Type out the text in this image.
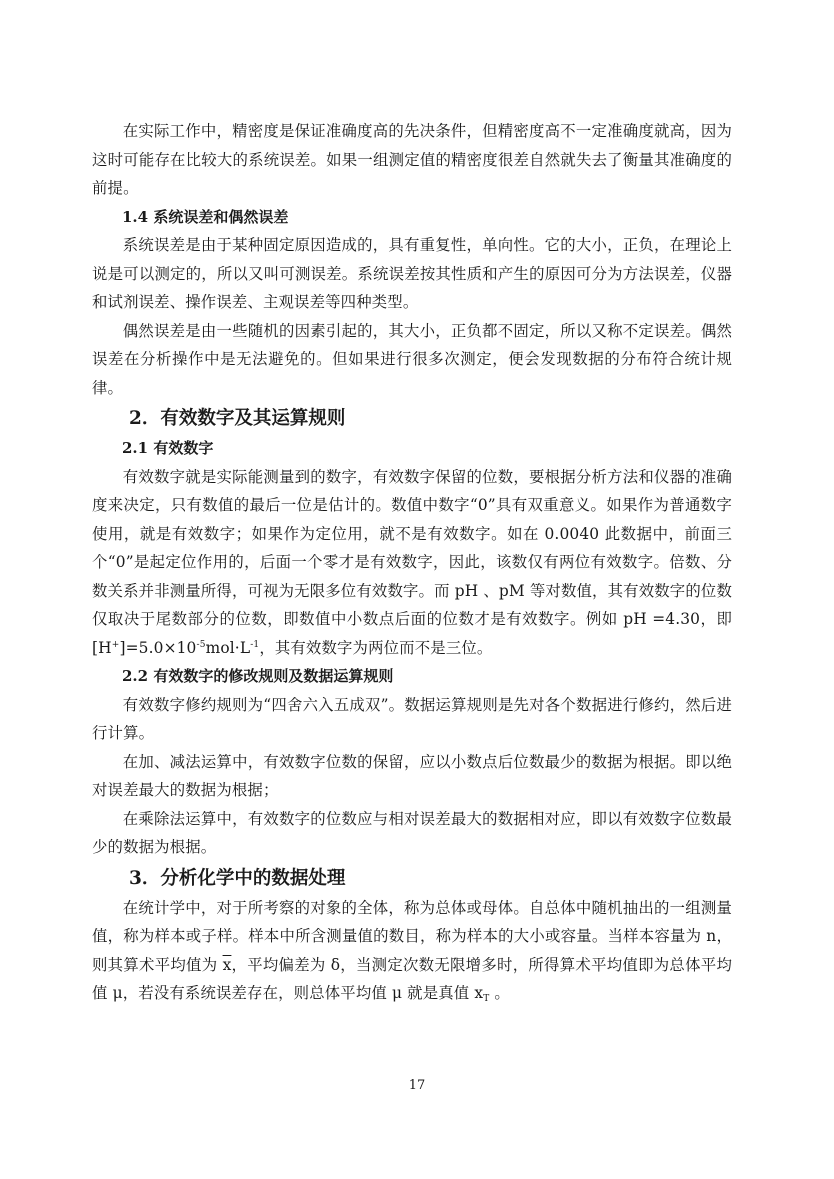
在实际工作中，精密度是保证准确度高的先决条件，但精密度高不一定准确度就高，因为这时可能存在比较大的系统误差。如果一组测定值的精密度很差自然就失去了衡量其准确度的前提。

1.4 系统误差和偶然误差

系统误差是由于某种固定原因造成的，具有重复性，单向性。它的大小，正负，在理论上说是可以测定的，所以又叫可测误差。系统误差按其性质和产生的原因可分为方法误差，仪器和试剂误差、操作误差、主观误差等四种类型。

偶然误差是由一些随机的因素引起的，其大小，正负都不固定，所以又称不定误差。偶然误差在分析操作中是无法避免的。但如果进行很多次测定，便会发现数据的分布符合统计规律。

2．有效数字及其运算规则
2.1 有效数字

有效数字就是实际能测量到的数字，有效数字保留的位数，要根据分析方法和仪器的准确度来决定，只有数值的最后一位是估计的。数值中数字“0”具有双重意义。如果作为普通数字使用，就是有效数字；如果作为定位用，就不是有效数字。如在 0.0040 此数据中，前面三个“0”是起定位作用的，后面一个零才是有效数字，因此，该数仅有两位有效数字。倍数、分数关系并非测量所得，可视为无限多位有效数字。而 pH 、pM 等对数值，其有效数字的位数仅取决于尾数部分的位数，即数值中小数点后面的位数才是有效数字。例如 pH =4.30，即$[H^+]=5.0\times 10^{-5}mol\cdot L^{-1}$，其有效数字为两位而不是三位。

2.2 有效数字的修改规则及数据运算规则

有效数字修约规则为“四舍六入五成双”。数据运算规则是先对各个数据进行修约，然后进行计算。

在加、减法运算中，有效数字位数的保留，应以小数点后位数最少的数据为根据。即以绝对误差最大的数据为根据；

在乘除法运算中，有效数字的位数应与相对误差最大的数据相对应，即以有效数字位数最少的数据为根据。

3．分析化学中的数据处理

在统计学中，对于所考察的对象的全体，称为总体或母体。自总体中随机抽出的一组测量值，称为样本或子样。样本中所含测量值的数目，称为样本的大小或容量。当样本容量为 n，则其算术平均值为 $\overline{x}$，平均偏差为 δ，当测定次数无限增多时，所得算术平均值即为总体平均值 μ，若没有系统误差存在，则总体平均值 μ 就是真值 $x_T$ 。

17
